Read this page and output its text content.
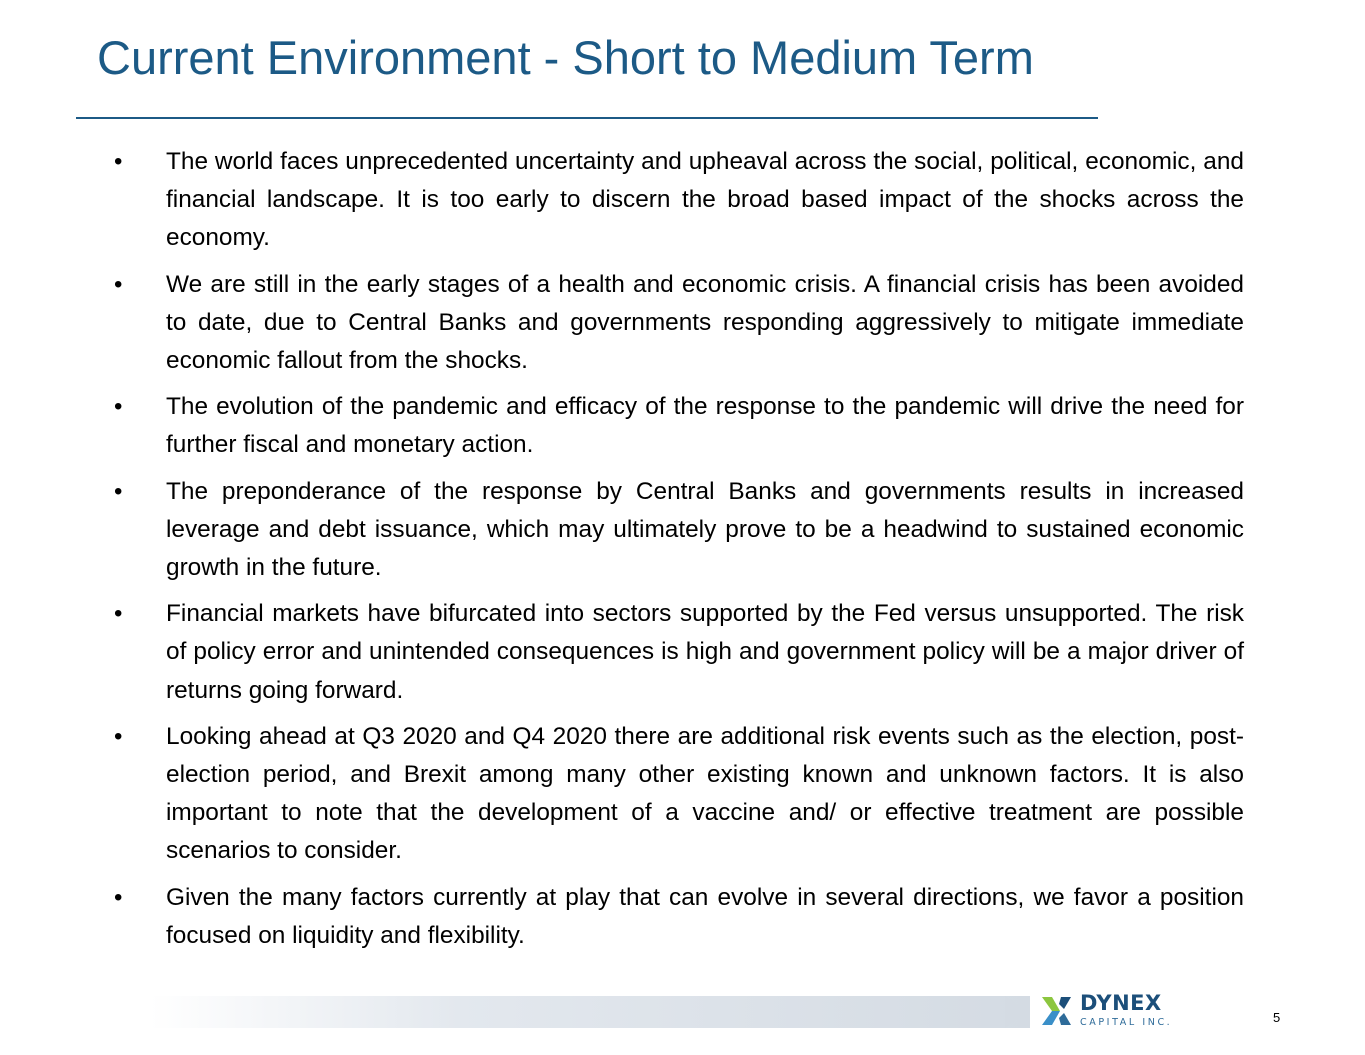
Current Environment - Short to Medium Term
• The world faces unprecedented uncertainty and upheaval across the social, political, economic, and financial landscape. It is too early to discern the broad based impact of the shocks across the economy.
• We are still in the early stages of a health and economic crisis. A financial crisis has been avoided to date, due to Central Banks and governments responding aggressively to mitigate immediate economic fallout from the shocks.
• The evolution of the pandemic and efficacy of the response to the pandemic will drive the need for further fiscal and monetary action.
• The preponderance of the response by Central Banks and governments results in increased leverage and debt issuance, which may ultimately prove to be a headwind to sustained economic growth in the future.
• Financial markets have bifurcated into sectors supported by the Fed versus unsupported. The risk of policy error and unintended consequences is high and government policy will be a major driver of returns going forward.
• Looking ahead at Q3 2020 and Q4 2020 there are additional risk events such as the election, post-election period, and Brexit among many other existing known and unknown factors. It is also important to note that the development of a vaccine and/ or effective treatment are possible scenarios to consider.
• Given the many factors currently at play that can evolve in several directions, we favor a position focused on liquidity and flexibility.
DYNEX
CAPITAL INC.	5
